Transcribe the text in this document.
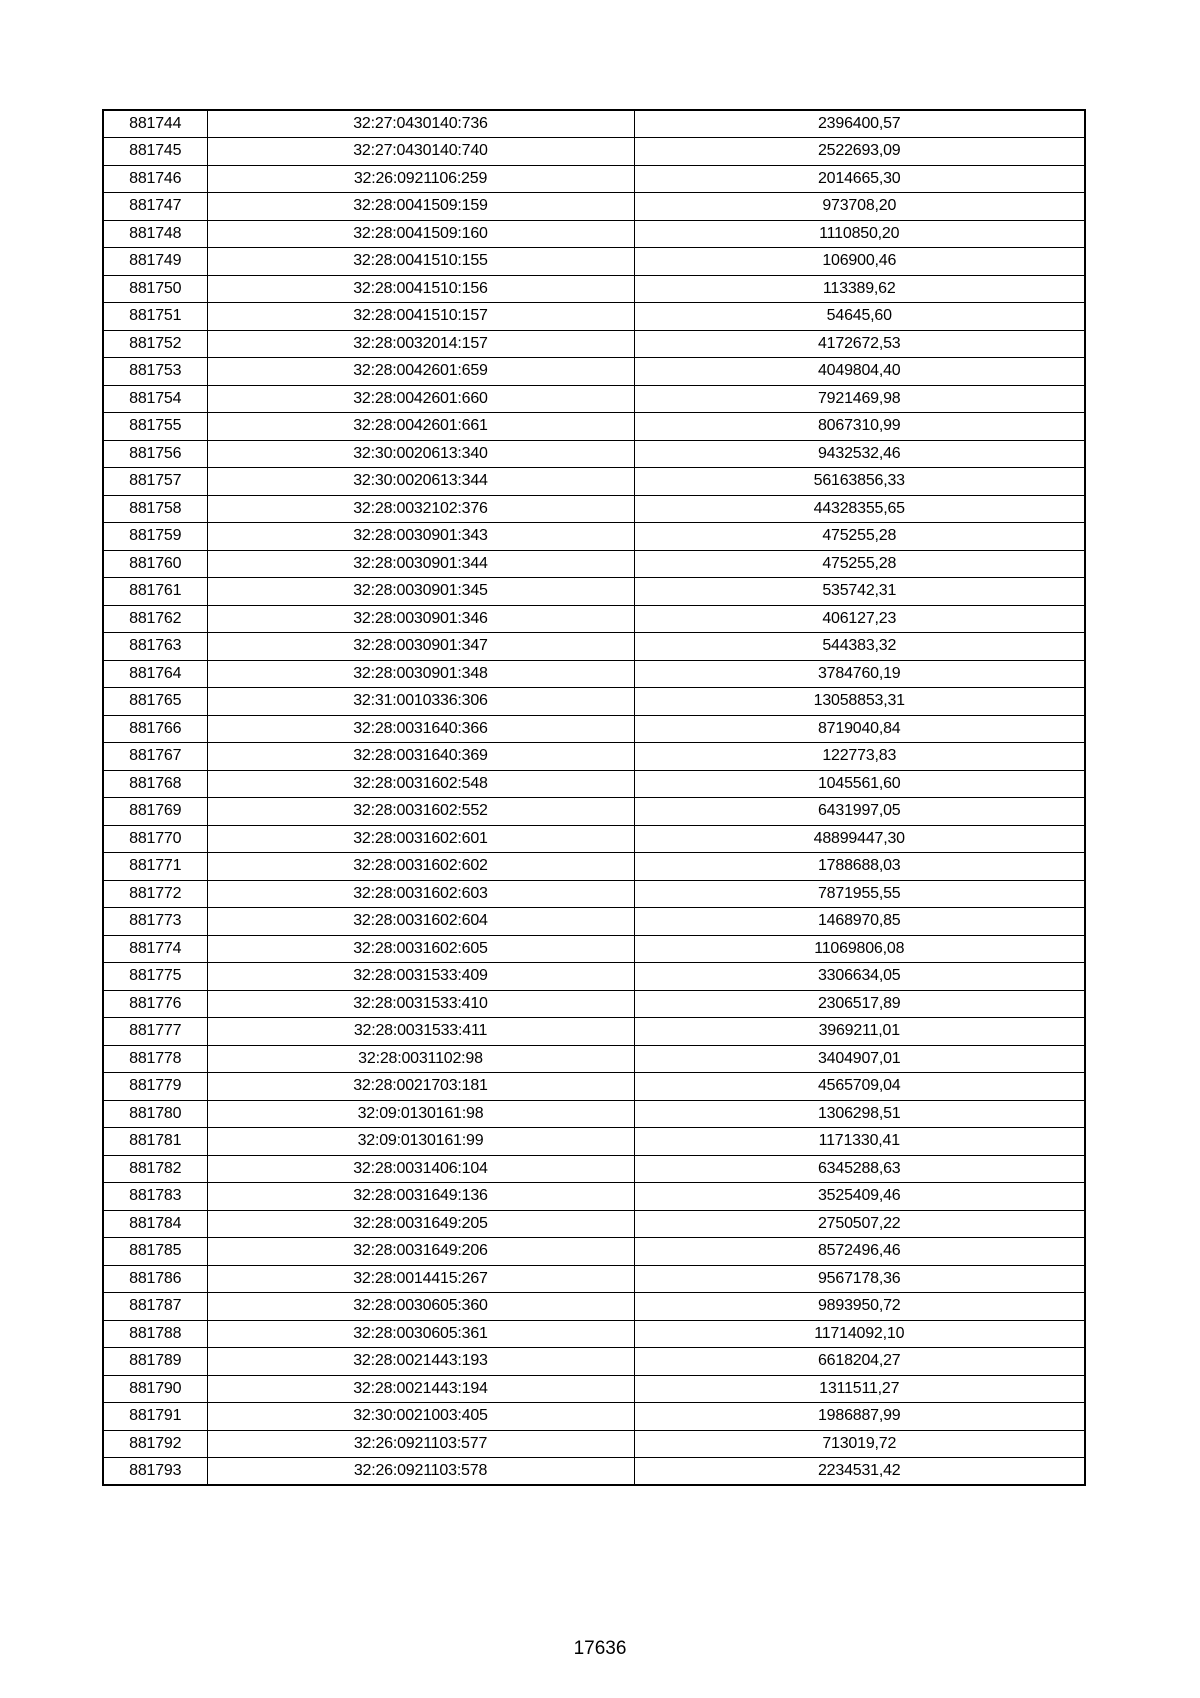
881744	32:27:0430140:736	2396400,57
881745	32:27:0430140:740	2522693,09
881746	32:26:0921106:259	2014665,30
881747	32:28:0041509:159	973708,20
881748	32:28:0041509:160	1110850,20
881749	32:28:0041510:155	106900,46
881750	32:28:0041510:156	113389,62
881751	32:28:0041510:157	54645,60
881752	32:28:0032014:157	4172672,53
881753	32:28:0042601:659	4049804,40
881754	32:28:0042601:660	7921469,98
881755	32:28:0042601:661	8067310,99
881756	32:30:0020613:340	9432532,46
881757	32:30:0020613:344	56163856,33
881758	32:28:0032102:376	44328355,65
881759	32:28:0030901:343	475255,28
881760	32:28:0030901:344	475255,28
881761	32:28:0030901:345	535742,31
881762	32:28:0030901:346	406127,23
881763	32:28:0030901:347	544383,32
881764	32:28:0030901:348	3784760,19
881765	32:31:0010336:306	13058853,31
881766	32:28:0031640:366	8719040,84
881767	32:28:0031640:369	122773,83
881768	32:28:0031602:548	1045561,60
881769	32:28:0031602:552	6431997,05
881770	32:28:0031602:601	48899447,30
881771	32:28:0031602:602	1788688,03
881772	32:28:0031602:603	7871955,55
881773	32:28:0031602:604	1468970,85
881774	32:28:0031602:605	11069806,08
881775	32:28:0031533:409	3306634,05
881776	32:28:0031533:410	2306517,89
881777	32:28:0031533:411	3969211,01
881778	32:28:0031102:98	3404907,01
881779	32:28:0021703:181	4565709,04
881780	32:09:0130161:98	1306298,51
881781	32:09:0130161:99	1171330,41
881782	32:28:0031406:104	6345288,63
881783	32:28:0031649:136	3525409,46
881784	32:28:0031649:205	2750507,22
881785	32:28:0031649:206	8572496,46
881786	32:28:0014415:267	9567178,36
881787	32:28:0030605:360	9893950,72
881788	32:28:0030605:361	11714092,10
881789	32:28:0021443:193	6618204,27
881790	32:28:0021443:194	1311511,27
881791	32:30:0021003:405	1986887,99
881792	32:26:0921103:577	713019,72
881793	32:26:0921103:578	2234531,42
17636
